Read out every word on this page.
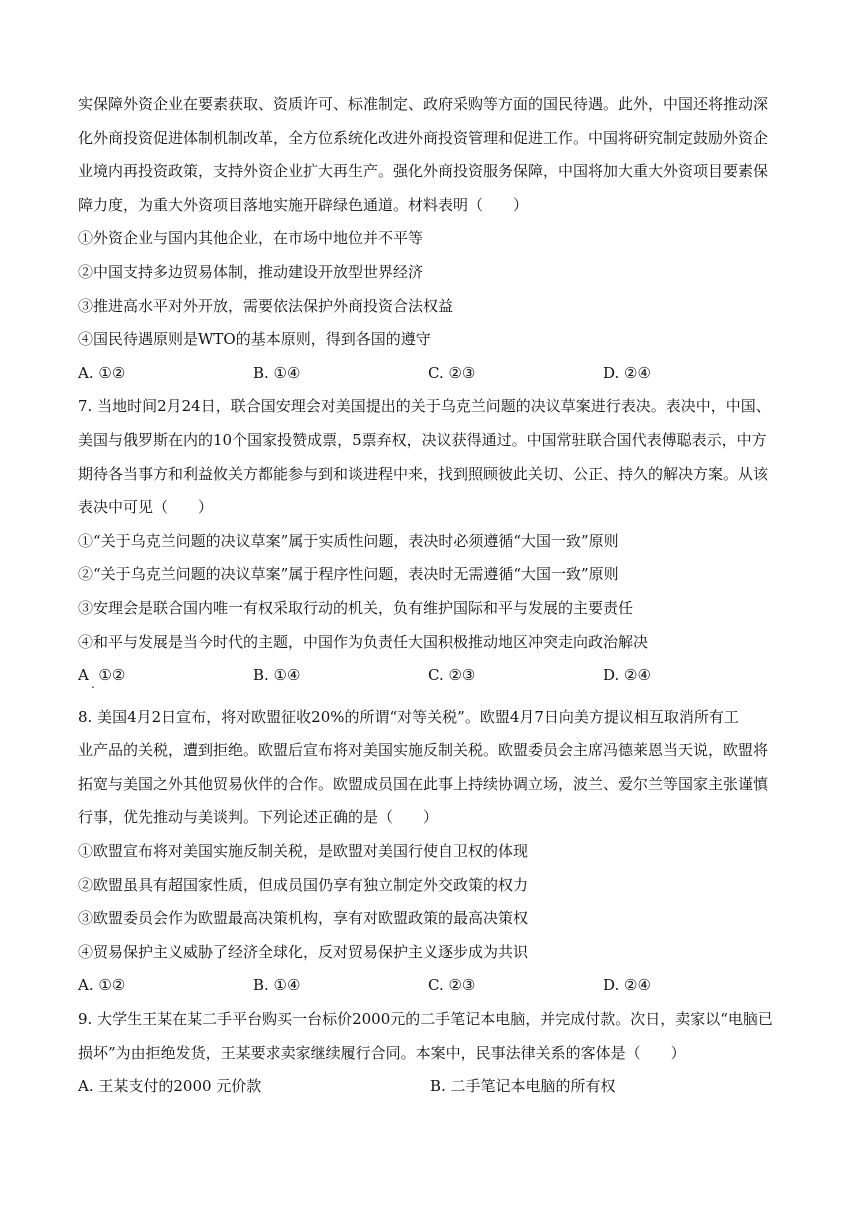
实保障外资企业在要素获取、资质许可、标准制定、政府采购等方面的国民待遇。此外，中国还将推动深
化外商投资促进体制机制改革，全方位系统化改进外商投资管理和促进工作。中国将研究制定鼓励外资企
业境内再投资政策，支持外资企业扩大再生产。强化外商投资服务保障，中国将加大重大外资项目要素保
障力度，为重大外资项目落地实施开辟绿色通道。材料表明（　　）
①外资企业与国内其他企业，在市场中地位并不平等
②中国支持多边贸易体制，推动建设开放型世界经济
③推进高水平对外开放，需要依法保护外商投资合法权益
④国民待遇原则是WTO的基本原则，得到各国的遵守
A. ①②	B. ①④	C. ②③	D. ②④
7. 当地时间2月24日，联合国安理会对美国提出的关于乌克兰问题的决议草案进行表决。表决中，中国、
美国与俄罗斯在内的10个国家投赞成票，5票弃权，决议获得通过。中国常驻联合国代表傅聪表示，中方
期待各当事方和利益攸关方都能参与到和谈进程中来，找到照顾彼此关切、公正、持久的解决方案。从该
表决中可见（　　）
①“关于乌克兰问题的决议草案”属于实质性问题，表决时必须遵循“大国一致”原则
②“关于乌克兰问题的决议草案”属于程序性问题，表决时无需遵循“大国一致”原则
③安理会是联合国内唯一有权采取行动的机关，负有维护国际和平与发展的主要责任
④和平与发展是当今时代的主题，中国作为负责任大国积极推动地区冲突走向政治解决
A ①②
.	B. ①④	C. ②③	D. ②④
8. 美国4月2日宣布，将对欧盟征收20%的所谓“对等关税”。欧盟4月7日向美方提议相互取消所有工
业产品的关税，遭到拒绝。欧盟后宣布将对美国实施反制关税。欧盟委员会主席冯德莱恩当天说，欧盟将
拓宽与美国之外其他贸易伙伴的合作。欧盟成员国在此事上持续协调立场，波兰、爱尔兰等国家主张谨慎
行事，优先推动与美谈判。下列论述正确的是（　　）
①欧盟宣布将对美国实施反制关税，是欧盟对美国行使自卫权的体现
②欧盟虽具有超国家性质，但成员国仍享有独立制定外交政策的权力
③欧盟委员会作为欧盟最高决策机构，享有对欧盟政策的最高决策权
④贸易保护主义威胁了经济全球化，反对贸易保护主义逐步成为共识
A. ①②	B. ①④	C. ②③	D. ②④
9. 大学生王某在某二手平台购买一台标价2000元的二手笔记本电脑，并完成付款。次日，卖家以“电脑已
损坏”为由拒绝发货，王某要求卖家继续履行合同。本案中，民事法律关系的客体是（　　）
A. 王某支付的2000 元价款	B. 二手笔记本电脑的所有权
